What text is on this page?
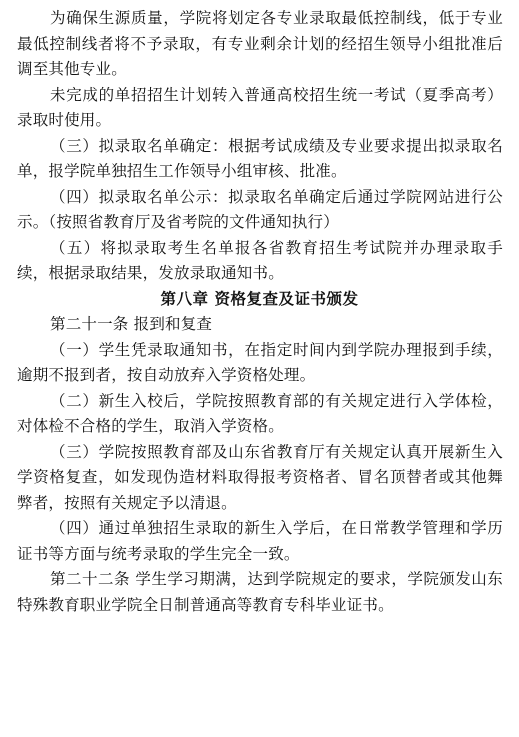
为确保生源质量，学院将划定各专业录取最低控制线，低于专业最低控制线者将不予录取，有专业剩余计划的经招生领导小组批准后调至其他专业。

未完成的单招招生计划转入普通高校招生统一考试（夏季高考）录取时使用。

（三）拟录取名单确定：根据考试成绩及专业要求提出拟录取名单，报学院单独招生工作领导小组审核、批准。

（四）拟录取名单公示：拟录取名单确定后通过学院网站进行公示。（按照省教育厅及省考院的文件通知执行）

（五）将拟录取考生名单报各省教育招生考试院并办理录取手续，根据录取结果，发放录取通知书。

第八章 资格复查及证书颁发

第二十一条 报到和复查

（一）学生凭录取通知书，在指定时间内到学院办理报到手续，逾期不报到者，按自动放弃入学资格处理。

（二）新生入校后，学院按照教育部的有关规定进行入学体检，对体检不合格的学生，取消入学资格。

（三）学院按照教育部及山东省教育厅有关规定认真开展新生入学资格复查，如发现伪造材料取得报考资格者、冒名顶替者或其他舞弊者，按照有关规定予以清退。

（四）通过单独招生录取的新生入学后，在日常教学管理和学历证书等方面与统考录取的学生完全一致。

第二十二条 学生学习期满，达到学院规定的要求，学院颁发山东特殊教育职业学院全日制普通高等教育专科毕业证书。
